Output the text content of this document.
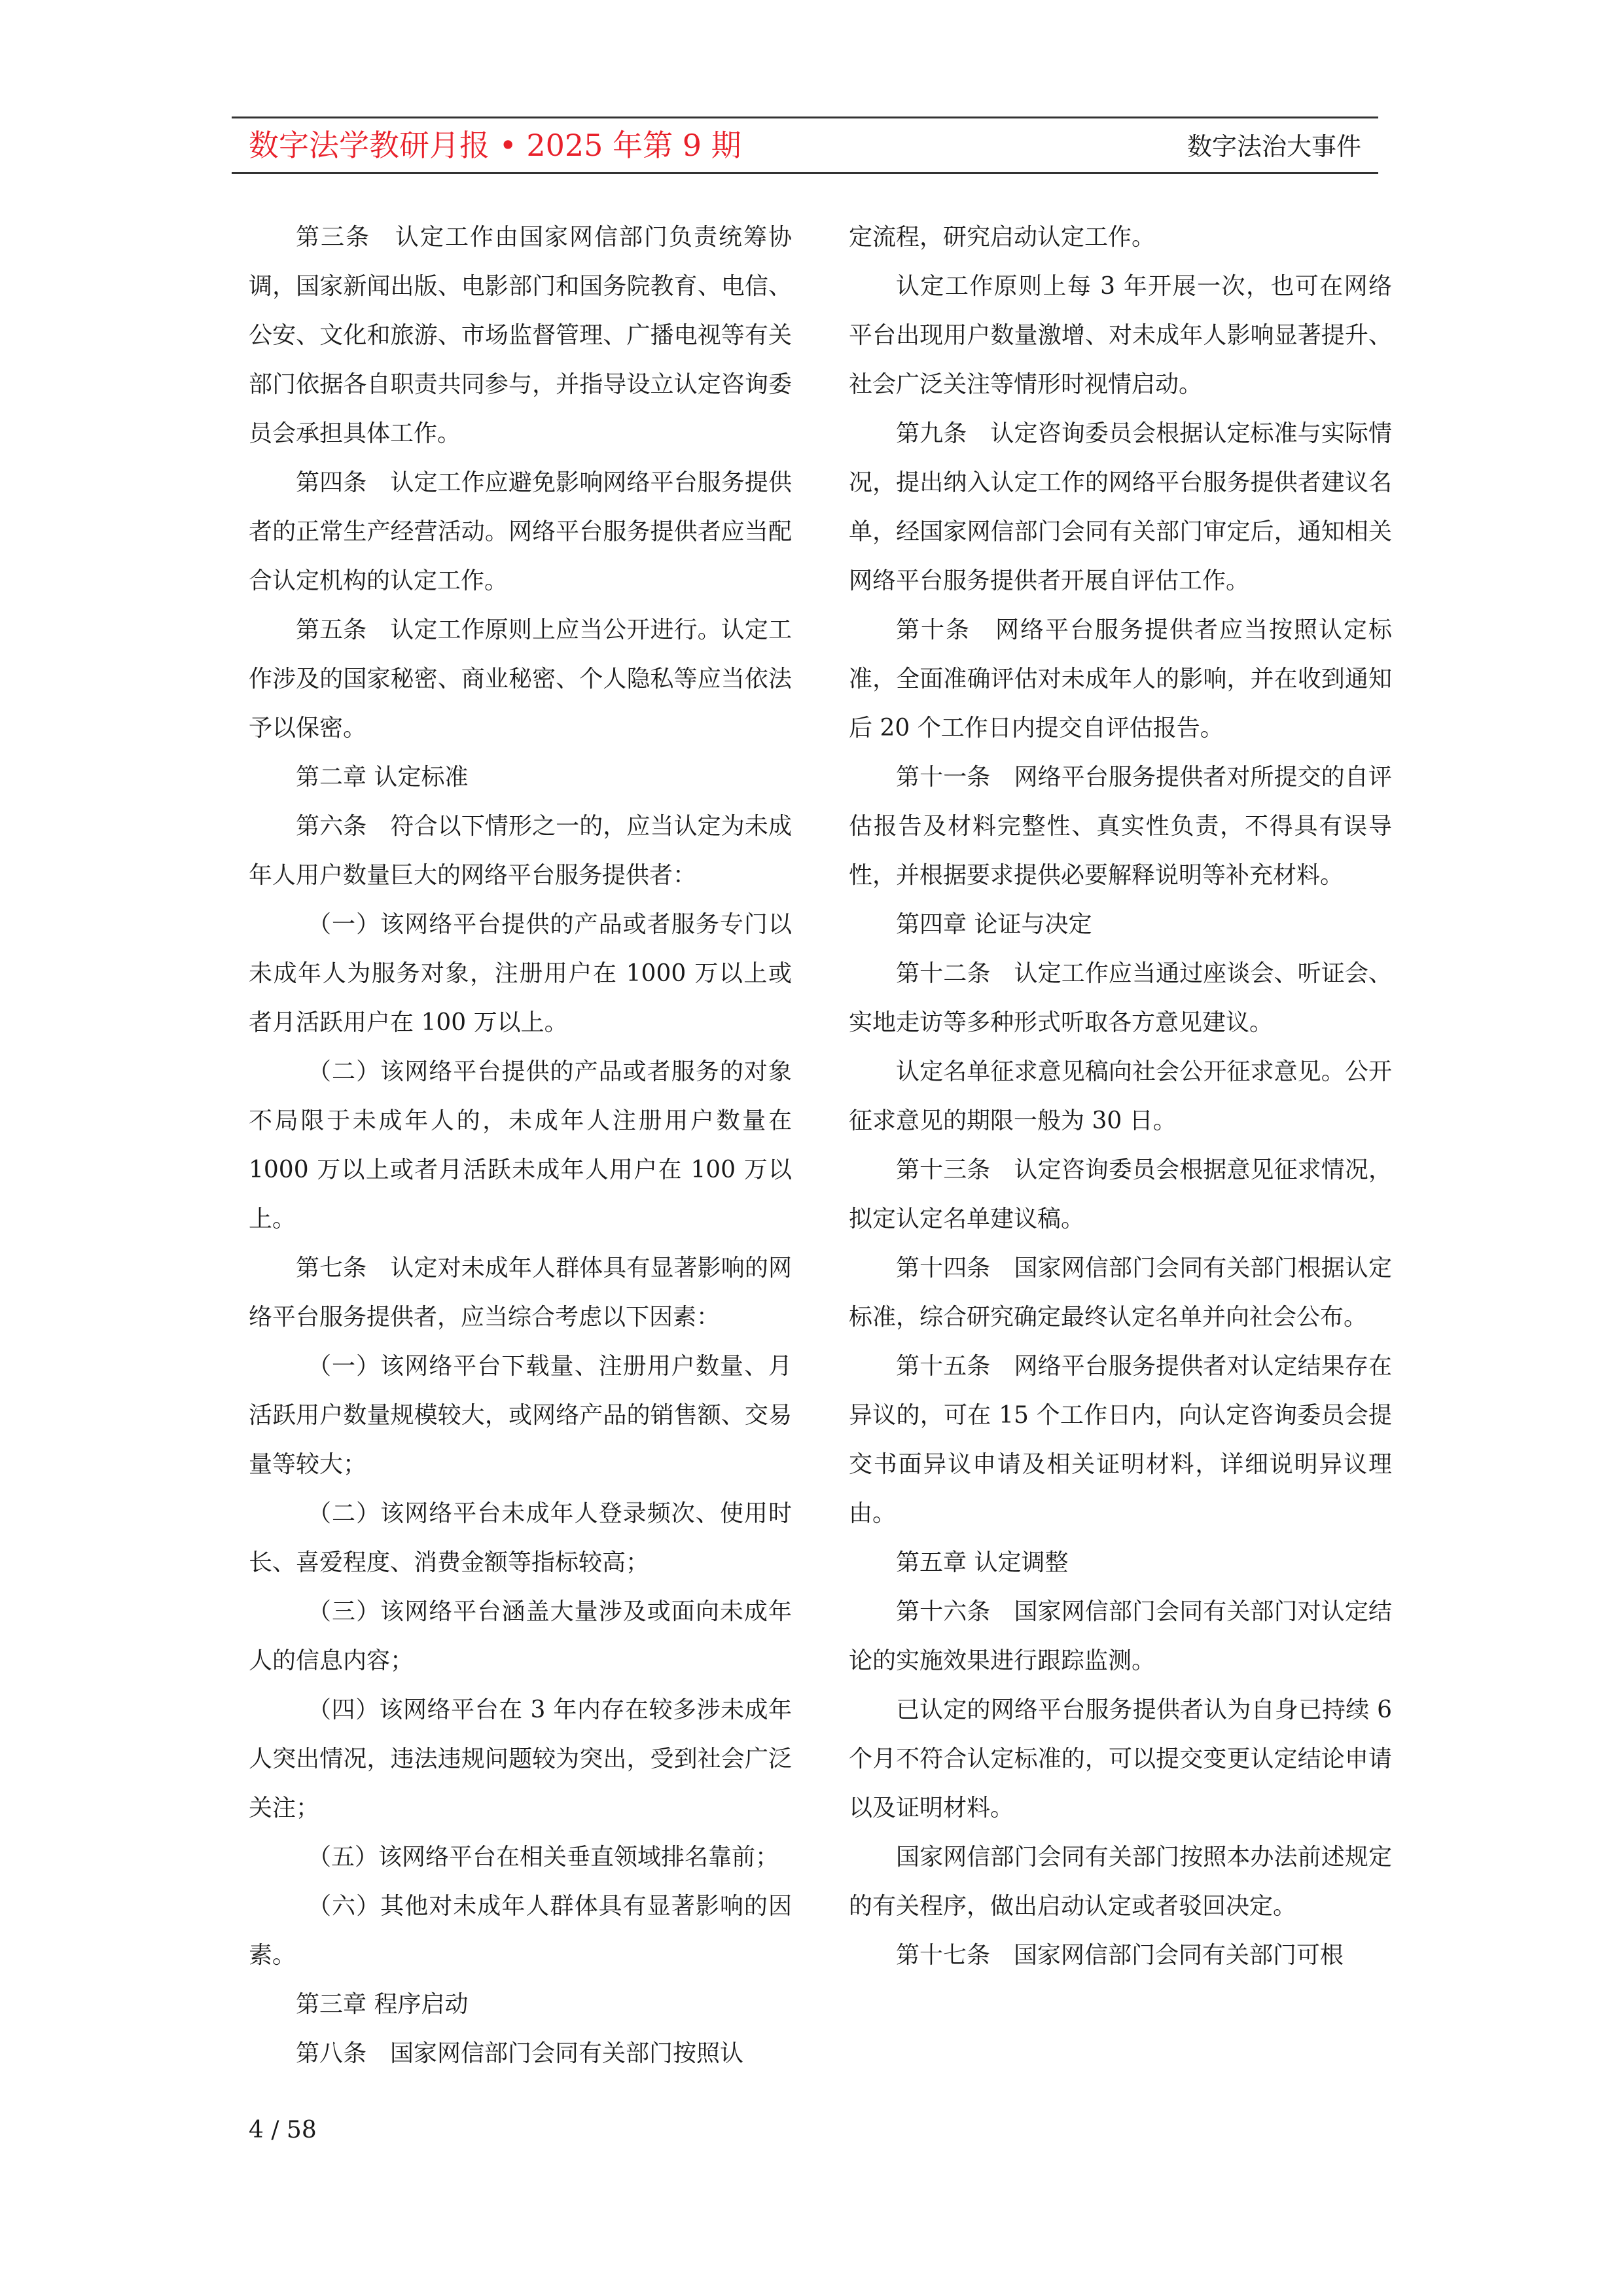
数字法学教研月报 • 2025 年第 9 期	数字法治大事件

第三条　认定工作由国家网信部门负责统筹协调，国家新闻出版、电影部门和国务院教育、电信、公安、文化和旅游、市场监督管理、广播电视等有关部门依据各自职责共同参与，并指导设立认定咨询委员会承担具体工作。

第四条　认定工作应避免影响网络平台服务提供者的正常生产经营活动。网络平台服务提供者应当配合认定机构的认定工作。

第五条　认定工作原则上应当公开进行。认定工作涉及的国家秘密、商业秘密、个人隐私等应当依法予以保密。

第二章 认定标准

第六条　符合以下情形之一的，应当认定为未成年人用户数量巨大的网络平台服务提供者：

（一）该网络平台提供的产品或者服务专门以未成年人为服务对象，注册用户在 1000 万以上或者月活跃用户在 100 万以上。

（二）该网络平台提供的产品或者服务的对象不局限于未成年人的，未成年人注册用户数量在 1000 万以上或者月活跃未成年人用户在 100 万以上。

第七条　认定对未成年人群体具有显著影响的网络平台服务提供者，应当综合考虑以下因素：

（一）该网络平台下载量、注册用户数量、月活跃用户数量规模较大，或网络产品的销售额、交易量等较大；

（二）该网络平台未成年人登录频次、使用时长、喜爱程度、消费金额等指标较高；

（三）该网络平台涵盖大量涉及或面向未成年人的信息内容；

（四）该网络平台在 3 年内存在较多涉未成年人突出情况，违法违规问题较为突出，受到社会广泛关注；

（五）该网络平台在相关垂直领域排名靠前；

（六）其他对未成年人群体具有显著影响的因素。

第三章 程序启动

第八条　国家网信部门会同有关部门按照认

定流程，研究启动认定工作。

认定工作原则上每 3 年开展一次，也可在网络平台出现用户数量激增、对未成年人影响显著提升、社会广泛关注等情形时视情启动。

第九条　认定咨询委员会根据认定标准与实际情况，提出纳入认定工作的网络平台服务提供者建议名单，经国家网信部门会同有关部门审定后，通知相关网络平台服务提供者开展自评估工作。

第十条　网络平台服务提供者应当按照认定标准，全面准确评估对未成年人的影响，并在收到通知后 20 个工作日内提交自评估报告。

第十一条　网络平台服务提供者对所提交的自评估报告及材料完整性、真实性负责，不得具有误导性，并根据要求提供必要解释说明等补充材料。

第四章 论证与决定

第十二条　认定工作应当通过座谈会、听证会、实地走访等多种形式听取各方意见建议。

认定名单征求意见稿向社会公开征求意见。公开征求意见的期限一般为 30 日。

第十三条　认定咨询委员会根据意见征求情况，拟定认定名单建议稿。

第十四条　国家网信部门会同有关部门根据认定标准，综合研究确定最终认定名单并向社会公布。

第十五条　网络平台服务提供者对认定结果存在异议的，可在 15 个工作日内，向认定咨询委员会提交书面异议申请及相关证明材料，详细说明异议理由。

第五章 认定调整

第十六条　国家网信部门会同有关部门对认定结论的实施效果进行跟踪监测。

已认定的网络平台服务提供者认为自身已持续 6 个月不符合认定标准的，可以提交变更认定结论申请以及证明材料。

国家网信部门会同有关部门按照本办法前述规定的有关程序，做出启动认定或者驳回决定。

第十七条　国家网信部门会同有关部门可根

4 / 58
